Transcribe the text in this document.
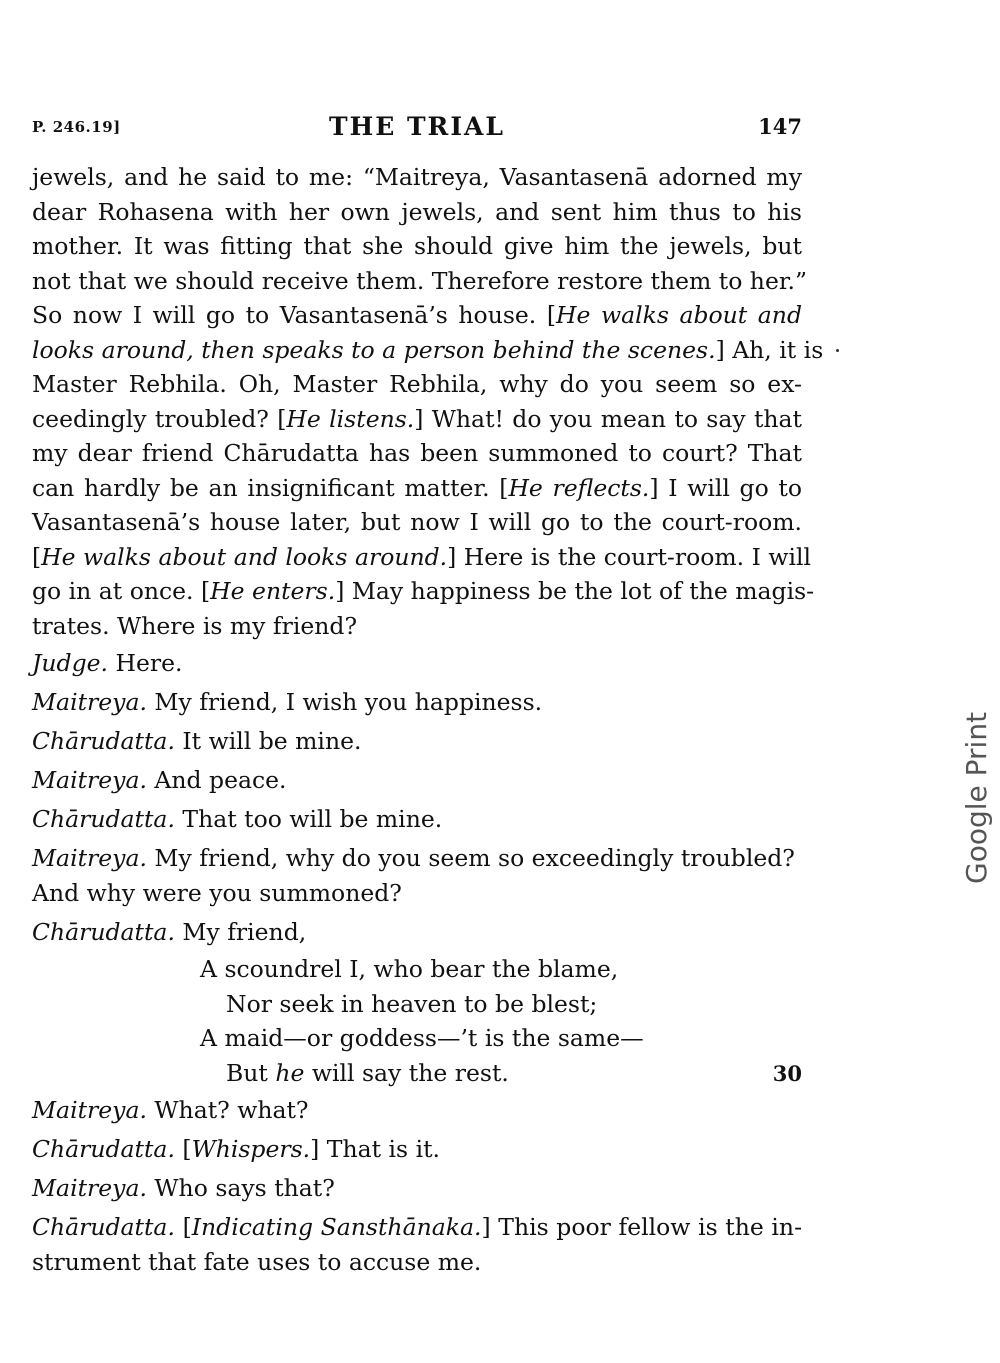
P. 246.19]	THE TRIAL	147
jewels, and he said to me: “Maitreya, Vasantasenā adorned my
dear Rohasena with her own jewels, and sent him thus to his
mother. It was fitting that she should give him the jewels, but
not that we should receive them. Therefore restore them to her.”
So now I will go to Vasantasenā’s house. [He walks about and
looks around, then speaks to a person behind the scenes.] Ah, it is
Master Rebhila. Oh, Master Rebhila, why do you seem so ex-
ceedingly troubled? [He listens.] What! do you mean to say that
my dear friend Chārudatta has been summoned to court? That
can hardly be an insignificant matter. [He reflects.] I will go to
Vasantasenā’s house later, but now I will go to the court-room.
[He walks about and looks around.] Here is the court-room. I will
go in at once. [He enters.] May happiness be the lot of the magis-
trates. Where is my friend?
Judge. Here.
Maitreya. My friend, I wish you happiness.
Chārudatta. It will be mine.
Maitreya. And peace.
Chārudatta. That too will be mine.
Maitreya. My friend, why do you seem so exceedingly troubled?
And why were you summoned?
Chārudatta. My friend,
A scoundrel I, who bear the blame,
Nor seek in heaven to be blest;
A maid—or goddess—’t is the same—
But he will say the rest.	30
Maitreya. What? what?
Chārudatta. [Whispers.] That is it.
Maitreya. Who says that?
Chārudatta. [Indicating Sansthānaka.] This poor fellow is the in-
strument that fate uses to accuse me.
Google Print
